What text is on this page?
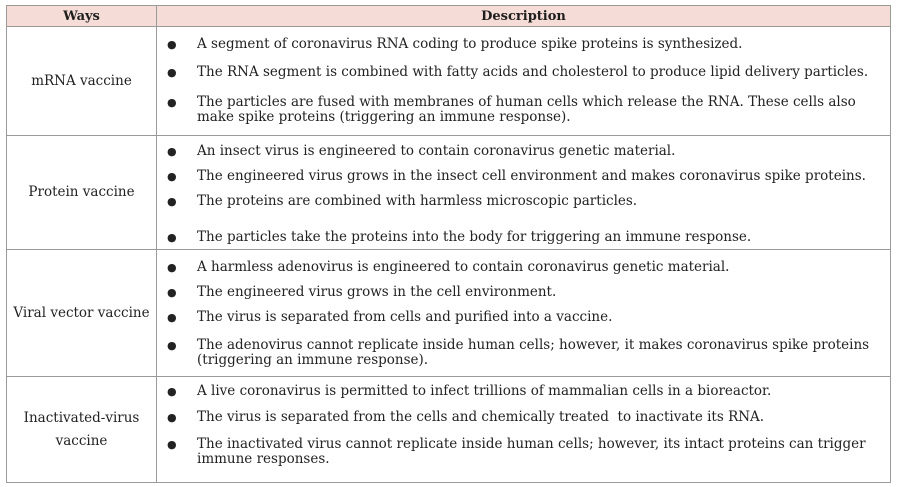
Ways	Description
mRNA vaccine
● A segment of coronavirus RNA coding to produce spike proteins is synthesized.
● The RNA segment is combined with fatty acids and cholesterol to produce lipid delivery particles.
● The particles are fused with membranes of human cells which release the RNA. These cells also make spike proteins (triggering an immune response).
Protein vaccine
● An insect virus is engineered to contain coronavirus genetic material.
● The engineered virus grows in the insect cell environment and makes coronavirus spike proteins.
● The proteins are combined with harmless microscopic particles.
● The particles take the proteins into the body for triggering an immune response.
Viral vector vaccine
● A harmless adenovirus is engineered to contain coronavirus genetic material.
● The engineered virus grows in the cell environment.
● The virus is separated from cells and purified into a vaccine.
● The adenovirus cannot replicate inside human cells; however, it makes coronavirus spike proteins (triggering an immune response).
Inactivated-virus vaccine
● A live coronavirus is permitted to infect trillions of mammalian cells in a bioreactor.
● The virus is separated from the cells and chemically treated  to inactivate its RNA.
● The inactivated virus cannot replicate inside human cells; however, its intact proteins can trigger immune responses.
